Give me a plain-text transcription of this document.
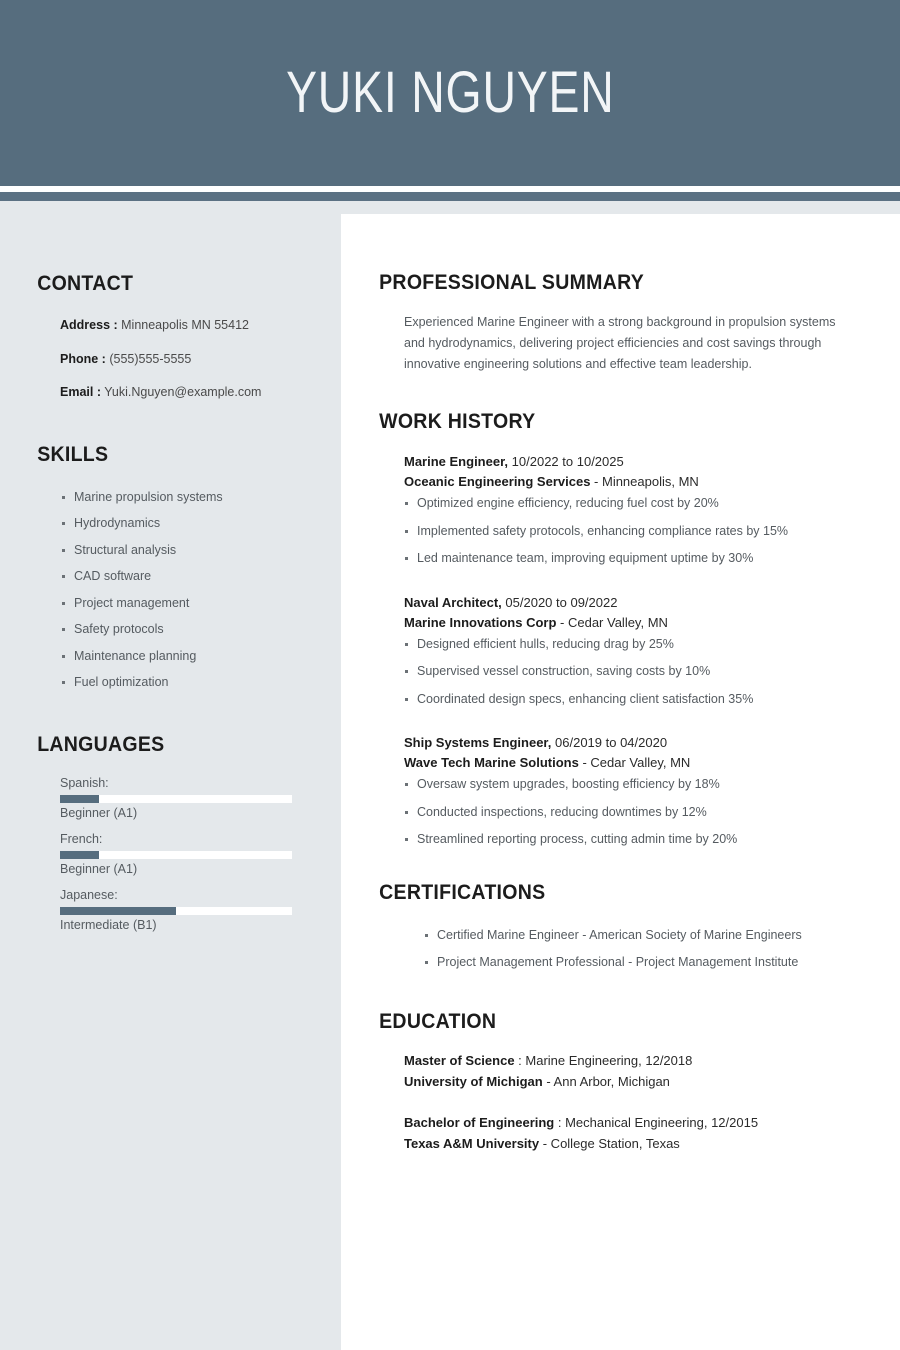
YUKI NGUYEN
CONTACT

Address : Minneapolis MN 55412

Phone : (555)555-5555

Email : Yuki.Nguyen@example.com

SKILLS
Marine propulsion systems
Hydrodynamics
Structural analysis
CAD software
Project management
Safety protocols
Maintenance planning
Fuel optimization
LANGUAGES

Spanish:

Beginner (A1)

French:

Beginner (A1)

Japanese:

Intermediate (B1)

PROFESSIONAL SUMMARY

Experienced Marine Engineer with a strong background in propulsion systems and hydrodynamics, delivering project efficiencies and cost savings through innovative engineering solutions and effective team leadership.

WORK HISTORY

Marine Engineer, 10/2022 to 10/2025

Oceanic Engineering Services - Minneapolis, MN

Optimized engine efficiency, reducing fuel cost by 20%
Implemented safety protocols, enhancing compliance rates by 15%
Led maintenance team, improving equipment uptime by 30%

Naval Architect, 05/2020 to 09/2022

Marine Innovations Corp - Cedar Valley, MN

Designed efficient hulls, reducing drag by 25%
Supervised vessel construction, saving costs by 10%
Coordinated design specs, enhancing client satisfaction 35%

Ship Systems Engineer, 06/2019 to 04/2020

Wave Tech Marine Solutions - Cedar Valley, MN

Oversaw system upgrades, boosting efficiency by 18%
Conducted inspections, reducing downtimes by 12%
Streamlined reporting process, cutting admin time by 20%
CERTIFICATIONS
Certified Marine Engineer - American Society of Marine Engineers
Project Management Professional - Project Management Institute
EDUCATION

Master of Science : Marine Engineering, 12/2018

University of Michigan - Ann Arbor, Michigan

Bachelor of Engineering : Mechanical Engineering, 12/2015

Texas A&M University - College Station, Texas
